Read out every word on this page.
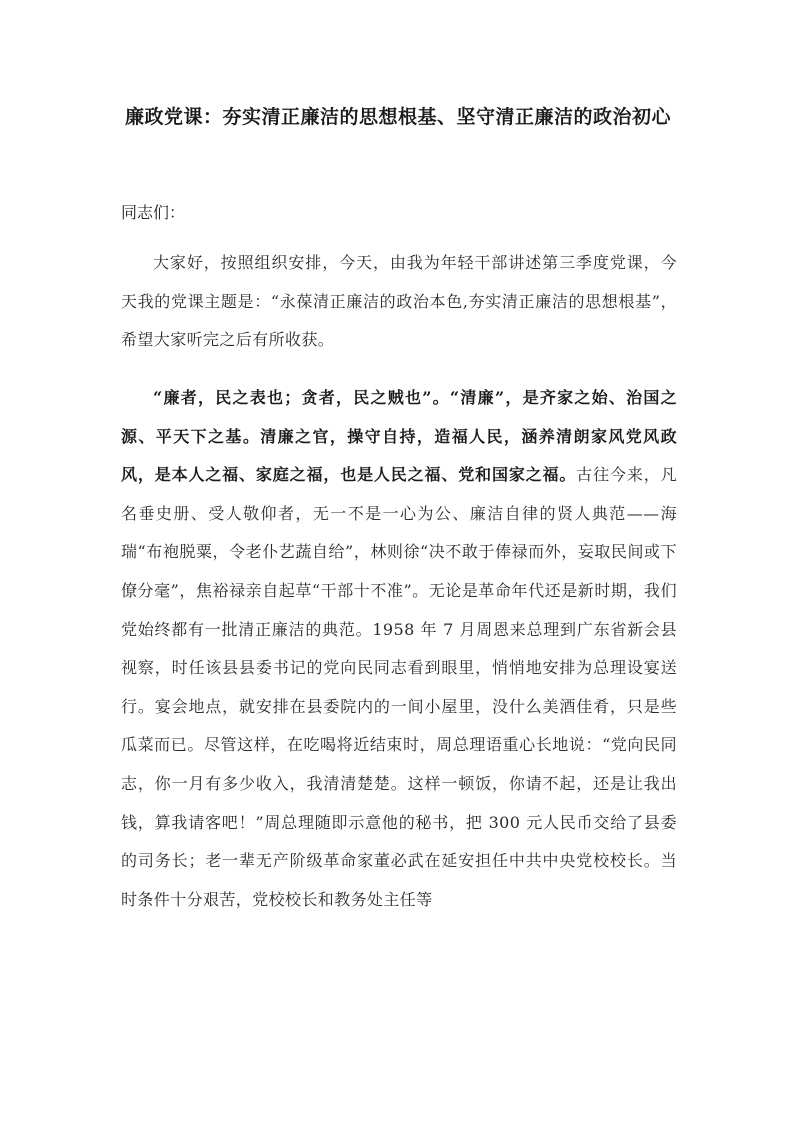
廉政党课：夯实清正廉洁的思想根基、坚守清正廉洁的政治初心

同志们：

大家好，按照组织安排，今天，由我为年轻干部讲述第三季度党课，今天我的党课主题是：“永葆清正廉洁的政治本色,夯实清正廉洁的思想根基”，希望大家听完之后有所收获。

“廉者，民之表也；贪者，民之贼也”。“清廉”，是齐家之始、治国之源、平天下之基。清廉之官，操守自持，造福人民，涵养清朗家风党风政风，是本人之福、家庭之福，也是人民之福、党和国家之福。古往今来，凡名垂史册、受人敬仰者，无一不是一心为公、廉洁自律的贤人典范——海瑞“布袍脱粟，令老仆艺蔬自给”，林则徐“决不敢于俸禄而外，妄取民间或下僚分毫”，焦裕禄亲自起草“干部十不准”。无论是革命年代还是新时期，我们党始终都有一批清正廉洁的典范。1958 年 7 月周恩来总理到广东省新会县视察，时任该县县委书记的党向民同志看到眼里，悄悄地安排为总理设宴送行。宴会地点，就安排在县委院内的一间小屋里，没什么美酒佳肴，只是些瓜菜而已。尽管这样，在吃喝将近结束时，周总理语重心长地说：“党向民同志，你一月有多少收入，我清清楚楚。这样一顿饭，你请不起，还是让我出钱，算我请客吧！”周总理随即示意他的秘书，把 300 元人民币交给了县委的司务长；老一辈无产阶级革命家董必武在延安担任中共中央党校校长。当时条件十分艰苦，党校校长和教务处主任等
